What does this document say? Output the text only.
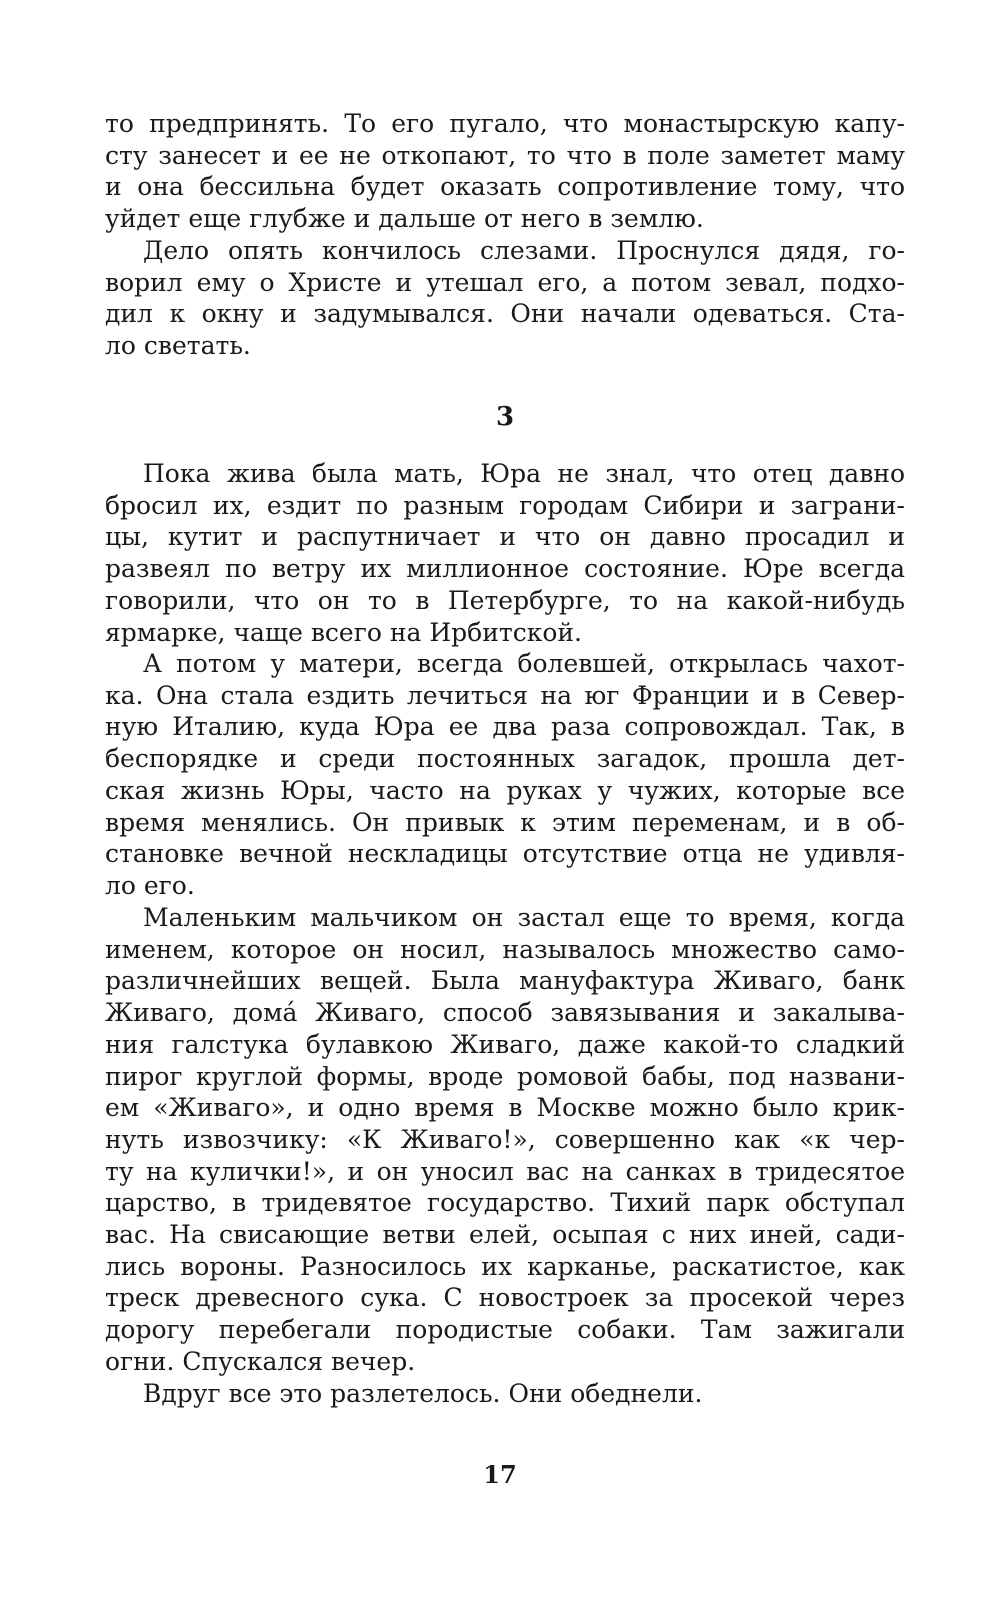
то предпринять. То его пугало, что монастырскую капу-
сту занесет и ее не откопают, то что в поле заметет маму
и она бессильна будет оказать сопротивление тому, что
уйдет еще глубже и дальше от него в землю.

Дело опять кончилось слезами. Проснулся дядя, го-
ворил ему о Христе и утешал его, а потом зевал, подхо-
дил к окну и задумывался. Они начали одеваться. Ста-
ло светать.

3

Пока жива была мать, Юра не знал, что отец давно
бросил их, ездит по разным городам Сибири и заграни-
цы, кутит и распутничает и что он давно просадил и
развеял по ветру их миллионное состояние. Юре всегда
говорили, что он то в Петербурге, то на какой-нибудь
ярмарке, чаще всего на Ирбитской.

А потом у матери, всегда болевшей, открылась чахот-
ка. Она стала ездить лечиться на юг Франции и в Север-
ную Италию, куда Юра ее два раза сопровождал. Так, в
беспорядке и среди постоянных загадок, прошла дет-
ская жизнь Юры, часто на руках у чужих, которые все
время менялись. Он привык к этим переменам, и в об-
становке вечной нескладицы отсутствие отца не удивля-
ло его.

Маленьким мальчиком он застал еще то время, когда
именем, которое он носил, называлось множество само-
различнейших вещей. Была мануфактура Живаго, банк
Живаго, дома́ Живаго, способ завязывания и закалыва-
ния галстука булавкою Живаго, даже какой-то сладкий
пирог круглой формы, вроде ромовой бабы, под названи-
ем «Живаго», и одно время в Москве можно было крик-
нуть извозчику: «К Живаго!», совершенно как «к чер-
ту на кулички!», и он уносил вас на санках в тридесятое
царство, в тридевятое государство. Тихий парк обступал
вас. На свисающие ветви елей, осыпая с них иней, сади-
лись вороны. Разносилось их карканье, раскатистое, как
треск древесного сука. С новостроек за просекой через
дорогу перебегали породистые собаки. Там зажигали
огни. Спускался вечер.

Вдруг все это разлетелось. Они обеднели.

17
